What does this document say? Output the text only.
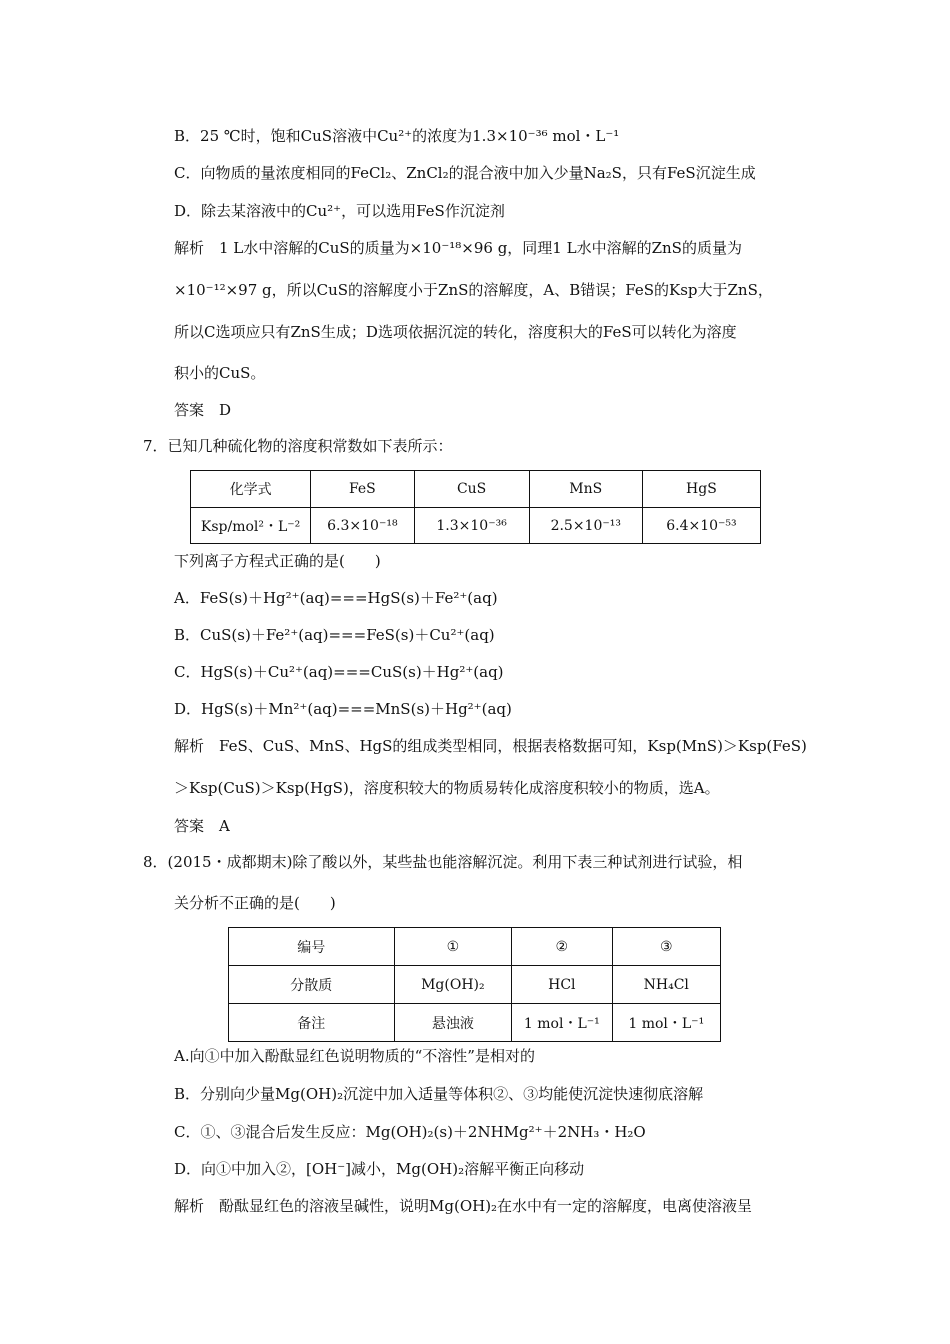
B．25 ℃时，饱和CuS溶液中Cu²⁺的浓度为1.3×10⁻³⁶ mol・L⁻¹
C．向物质的量浓度相同的FeCl₂、ZnCl₂的混合液中加入少量Na₂S，只有FeS沉淀生成
D．除去某溶液中的Cu²⁺，可以选用FeS作沉淀剂
解析　1 L水中溶解的CuS的质量为×10⁻¹⁸×96 g，同理1 L水中溶解的ZnS的质量为
×10⁻¹²×97 g，所以CuS的溶解度小于ZnS的溶解度，A、B错误；FeS的Ksp大于ZnS，
所以C选项应只有ZnS生成；D选项依据沉淀的转化，溶度积大的FeS可以转化为溶度
积小的CuS。
答案　D
7．已知几种硫化物的溶度积常数如下表所示：
化学式	FeS	CuS	MnS	HgS
Ksp/mol²・L⁻²	6.3×10⁻¹⁸	1.3×10⁻³⁶	2.5×10⁻¹³	6.4×10⁻⁵³
下列离子方程式正确的是(　　)
A．FeS(s)＋Hg²⁺(aq)===HgS(s)＋Fe²⁺(aq)
B．CuS(s)＋Fe²⁺(aq)===FeS(s)＋Cu²⁺(aq)
C．HgS(s)＋Cu²⁺(aq)===CuS(s)＋Hg²⁺(aq)
D．HgS(s)＋Mn²⁺(aq)===MnS(s)＋Hg²⁺(aq)
解析　FeS、CuS、MnS、HgS的组成类型相同，根据表格数据可知，Ksp(MnS)＞Ksp(FeS)
＞Ksp(CuS)＞Ksp(HgS)，溶度积较大的物质易转化成溶度积较小的物质，选A。
答案　A
8．(2015・成都期末)除了酸以外，某些盐也能溶解沉淀。利用下表三种试剂进行试验，相
关分析不正确的是(　　)
编号	①	②	③
分散质	Mg(OH)₂	HCl	NH₄Cl
备注	悬浊液	1 mol・L⁻¹	1 mol・L⁻¹
A.向①中加入酚酞显红色说明物质的“不溶性”是相对的
B．分别向少量Mg(OH)₂沉淀中加入适量等体积②、③均能使沉淀快速彻底溶解
C．①、③混合后发生反应：Mg(OH)₂(s)＋2NHMg²⁺＋2NH₃・H₂O
D．向①中加入②，[OH⁻]减小，Mg(OH)₂溶解平衡正向移动
解析　酚酞显红色的溶液呈碱性，说明Mg(OH)₂在水中有一定的溶解度，电离使溶液呈
